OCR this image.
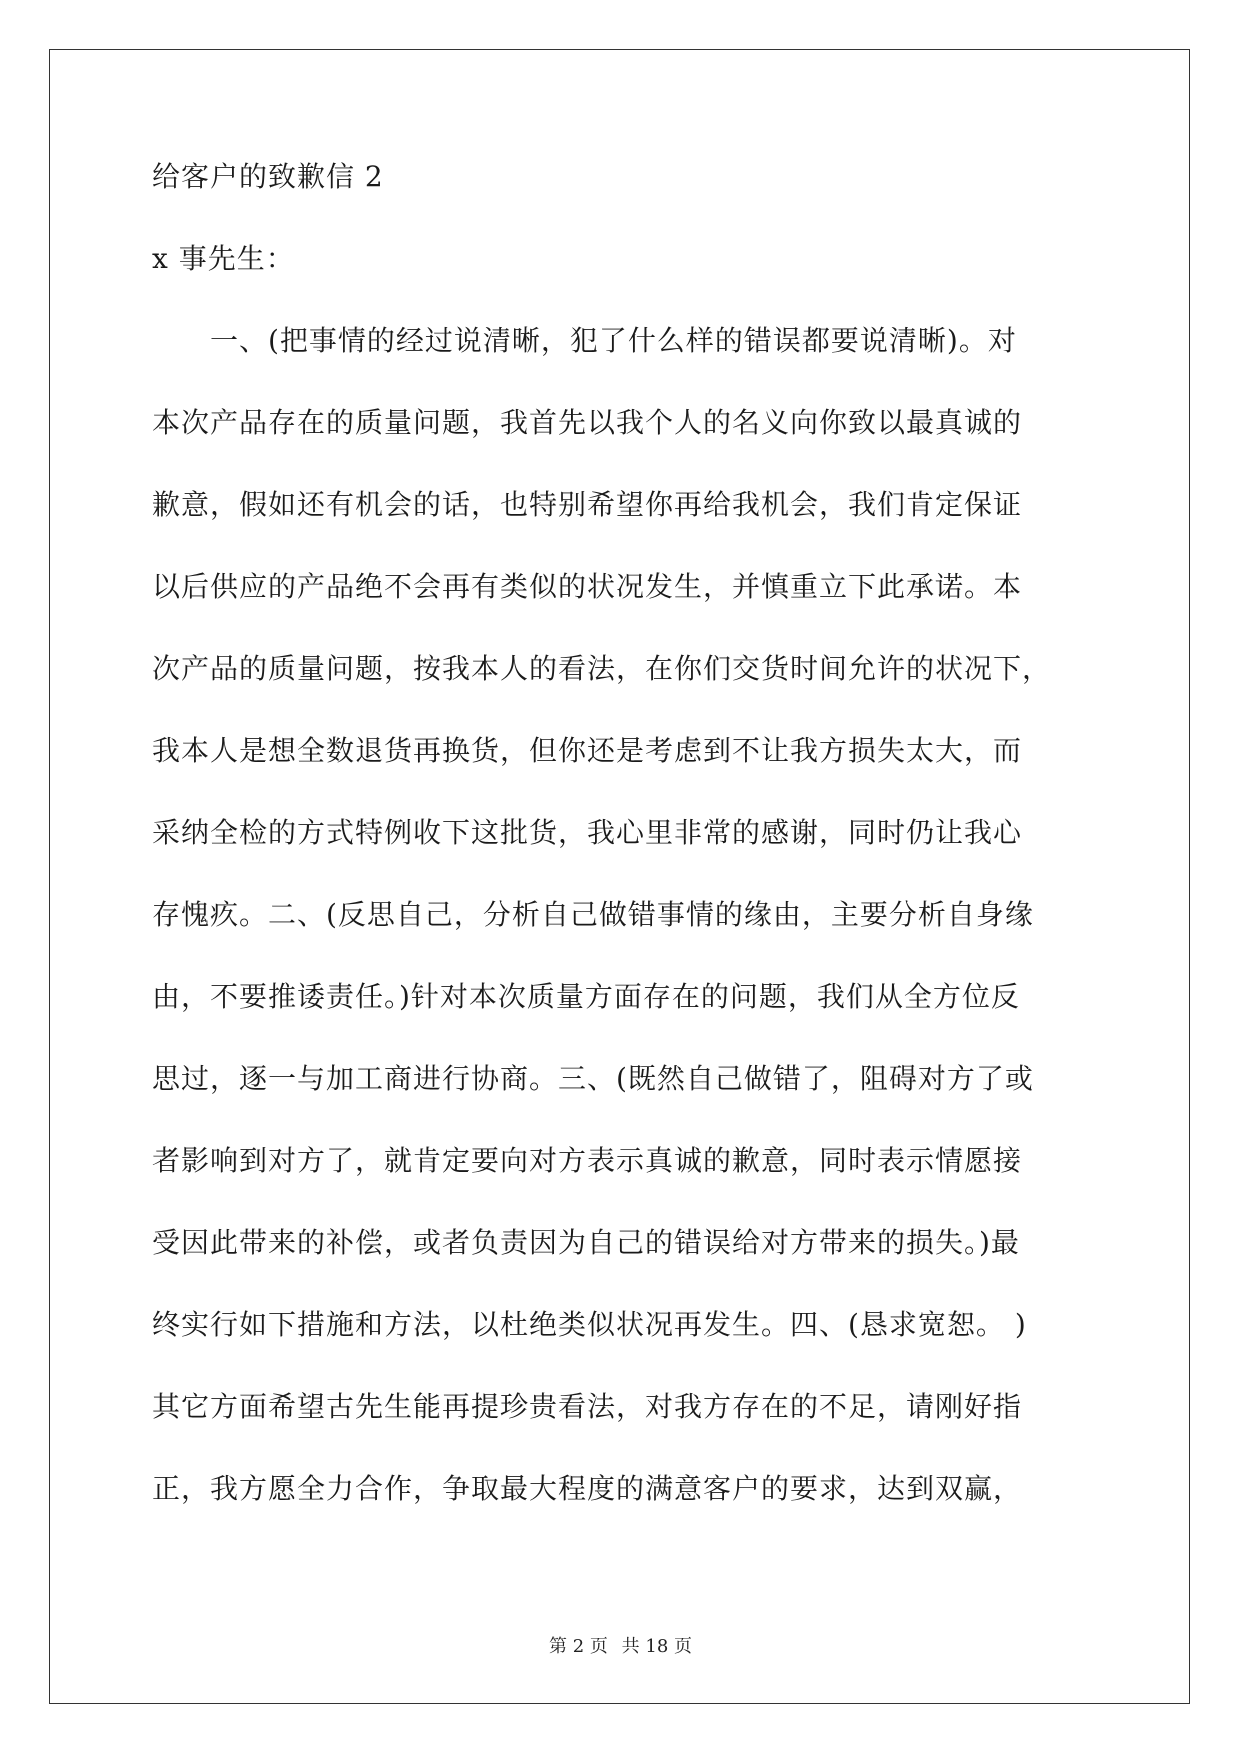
给客户的致歉信 2
x 事先生：
　　一、(把事情的经过说清晰，犯了什么样的错误都要说清晰)。对
本次产品存在的质量问题，我首先以我个人的名义向你致以最真诚的
歉意，假如还有机会的话，也特别希望你再给我机会，我们肯定保证
以后供应的产品绝不会再有类似的状况发生，并慎重立下此承诺。本
次产品的质量问题，按我本人的看法，在你们交货时间允许的状况下，
我本人是想全数退货再换货，但你还是考虑到不让我方损失太大，而
采纳全检的方式特例收下这批货，我心里非常的感谢，同时仍让我心
存愧疚。二、(反思自己，分析自己做错事情的缘由，主要分析自身缘
由，不要推诿责任。)针对本次质量方面存在的问题，我们从全方位反
思过，逐一与加工商进行协商。三、(既然自己做错了，阻碍对方了或
者影响到对方了，就肯定要向对方表示真诚的歉意，同时表示情愿接
受因此带来的补偿，或者负责因为自己的错误给对方带来的损失。)最
终实行如下措施和方法，以杜绝类似状况再发生。四、(恳求宽恕。 )
其它方面希望古先生能再提珍贵看法，对我方存在的不足，请刚好指
正，我方愿全力合作，争取最大程度的满意客户的要求，达到双赢，
第 2 页 共 18 页
